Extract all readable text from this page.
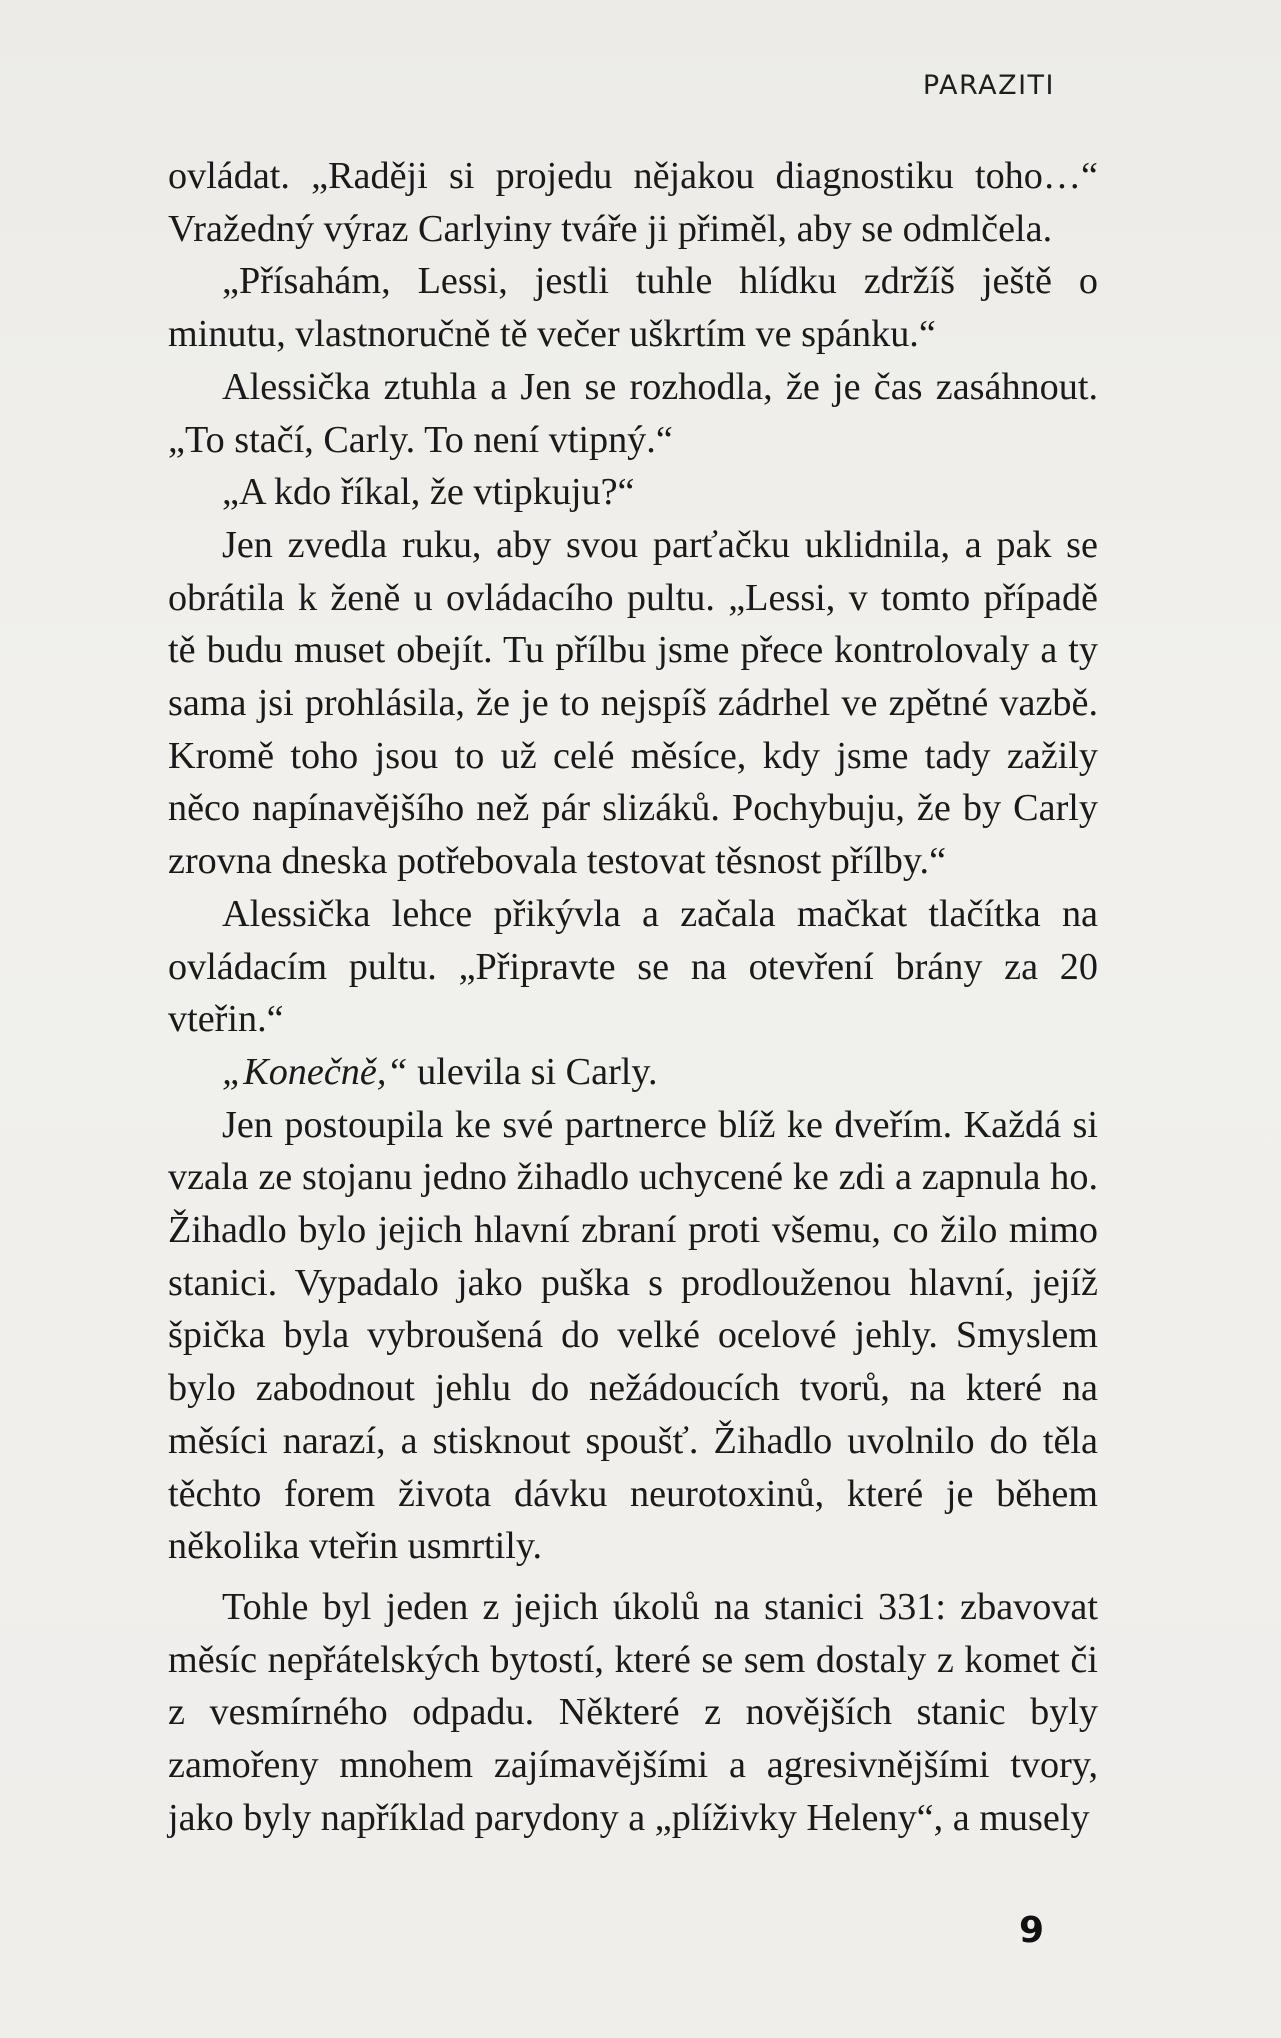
PARAZITI

ovládat. „Raději si projedu nějakou diagnostiku toho…“ Vražedný výraz Carlyiny tváře ji přiměl, aby se odmlčela.

„Přísahám, Lessi, jestli tuhle hlídku zdržíš ještě o minutu, vlastnoručně tě večer uškrtím ve spánku.“

Alessička ztuhla a Jen se rozhodla, že je čas zasáhnout. „To stačí, Carly. To není vtipný.“

„A kdo říkal, že vtipkuju?“

Jen zvedla ruku, aby svou parťačku uklidnila, a pak se obrátila k ženě u ovládacího pultu. „Lessi, v tomto případě tě budu muset obejít. Tu přílbu jsme přece kontrolovaly a ty sama jsi prohlásila, že je to nejspíš zádrhel ve zpětné vazbě. Kromě toho jsou to už celé měsíce, kdy jsme tady zažily něco napínavějšího než pár slizáků. Pochybuju, že by Carly zrovna dneska potřebovala testovat těsnost přílby.“

Alessička lehce přikývla a začala mačkat tlačítka na ovládacím pultu. „Připravte se na otevření brány za 20 vteřin.“

„Konečně,“ ulevila si Carly.

Jen postoupila ke své partnerce blíž ke dveřím. Každá si vzala ze stojanu jedno žihadlo uchycené ke zdi a zapnula ho. Žihadlo bylo jejich hlavní zbraní proti všemu, co žilo mimo stanici. Vypadalo jako puška s prodlouženou hlavní, jejíž špička byla vybroušená do velké ocelové jehly. Smyslem bylo zabodnout jehlu do nežádoucích tvorů, na které na měsíci narazí, a stisknout spoušť. Žihadlo uvolnilo do těla těchto forem života dávku neurotoxinů, které je během několika vteřin usmrtily.

Tohle byl jeden z jejich úkolů na stanici 331: zbavovat měsíc nepřátelských bytostí, které se sem dostaly z komet či z vesmírného odpadu. Některé z novějších stanic byly zamořeny mnohem zajímavějšími a agresivnějšími tvory, jako byly například parydony a „plíživky Heleny“, a musely

9
